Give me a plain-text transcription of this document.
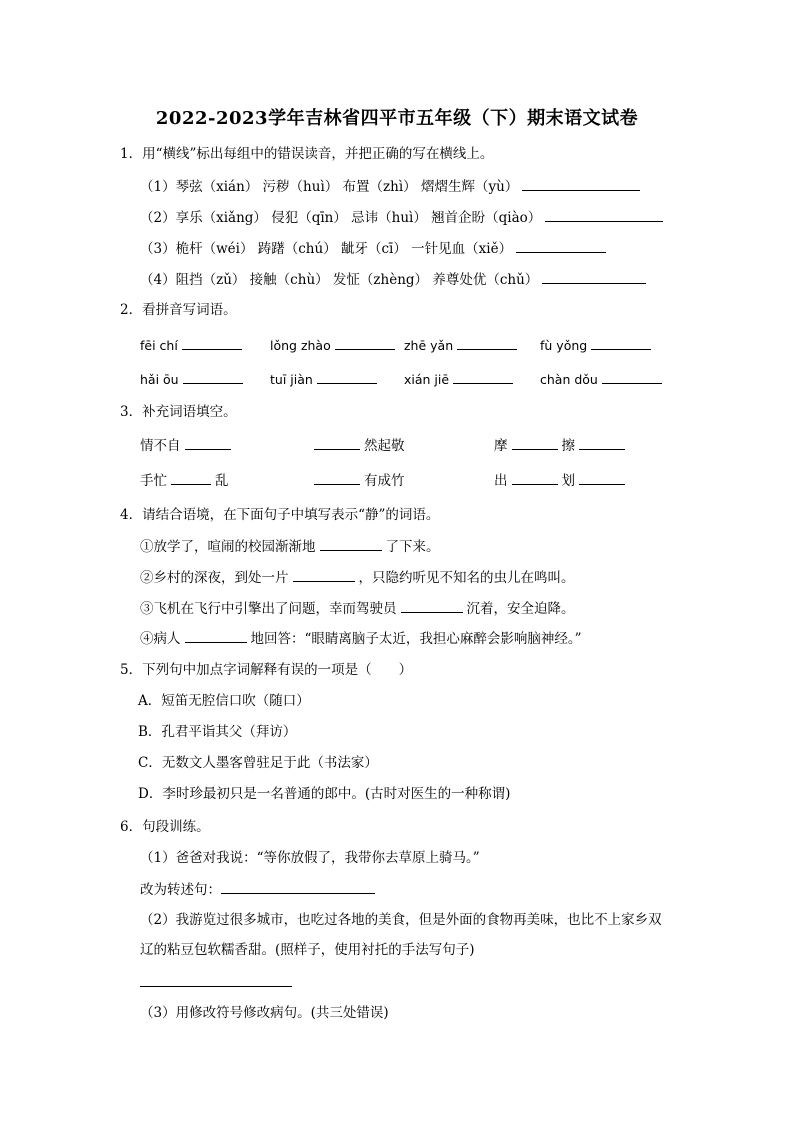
2022-2023学年吉林省四平市五年级（下）期末语文试卷
1．用“横线”标出每组中的错误读音，并把正确的写在横线上。
（1）琴弦（xián） 污秽（huì） 布置（zhì） 熠熠生辉（yù）
（2）享乐（xiǎng） 侵犯（qīn） 忌讳（huì） 翘首企盼（qiào）
（3）桅杆（wéi） 踌躇（chú） 龇牙（cī） 一针见血（xiě）
（4）阻挡（zǔ） 接触（chù） 发怔（zhèng） 养尊处优（chǔ）
2．看拼音写词语。
fēi chí	lǒng zhào	zhē yǎn	fù yǒng
hǎi ōu	tuī jiàn	xián jiē	chàn dǒu
3．补充词语填空。
情不自	然起敬	摩	擦
手忙	乱	有成竹	出	划
4．请结合语境，在下面句子中填写表示“静”的词语。
①放学了，喧闹的校园渐渐地	了下来。
②乡村的深夜，到处一片	，只隐约听见不知名的虫儿在鸣叫。
③飞机在飞行中引擎出了问题，幸而驾驶员	沉着，安全迫降。
④病人	地回答：“眼睛离脑子太近，我担心麻醉会影响脑神经。”
5．下列句中加点字词解释有误的一项是（　　）
A．短笛无腔信口吹（随口）
B．孔君平诣其父（拜访）
C．无数文人墨客曾驻足于此（书法家）
D．李时珍最初只是一名普通的郎中。(古时对医生的一种称谓)
6．句段训练。
（1）爸爸对我说：“等你放假了，我带你去草原上骑马。”
改为转述句：
（2）我游览过很多城市，也吃过各地的美食，但是外面的食物再美味，也比不上家乡双
辽的粘豆包软糯香甜。(照样子，使用衬托的手法写句子)
（3）用修改符号修改病句。(共三处错误)
